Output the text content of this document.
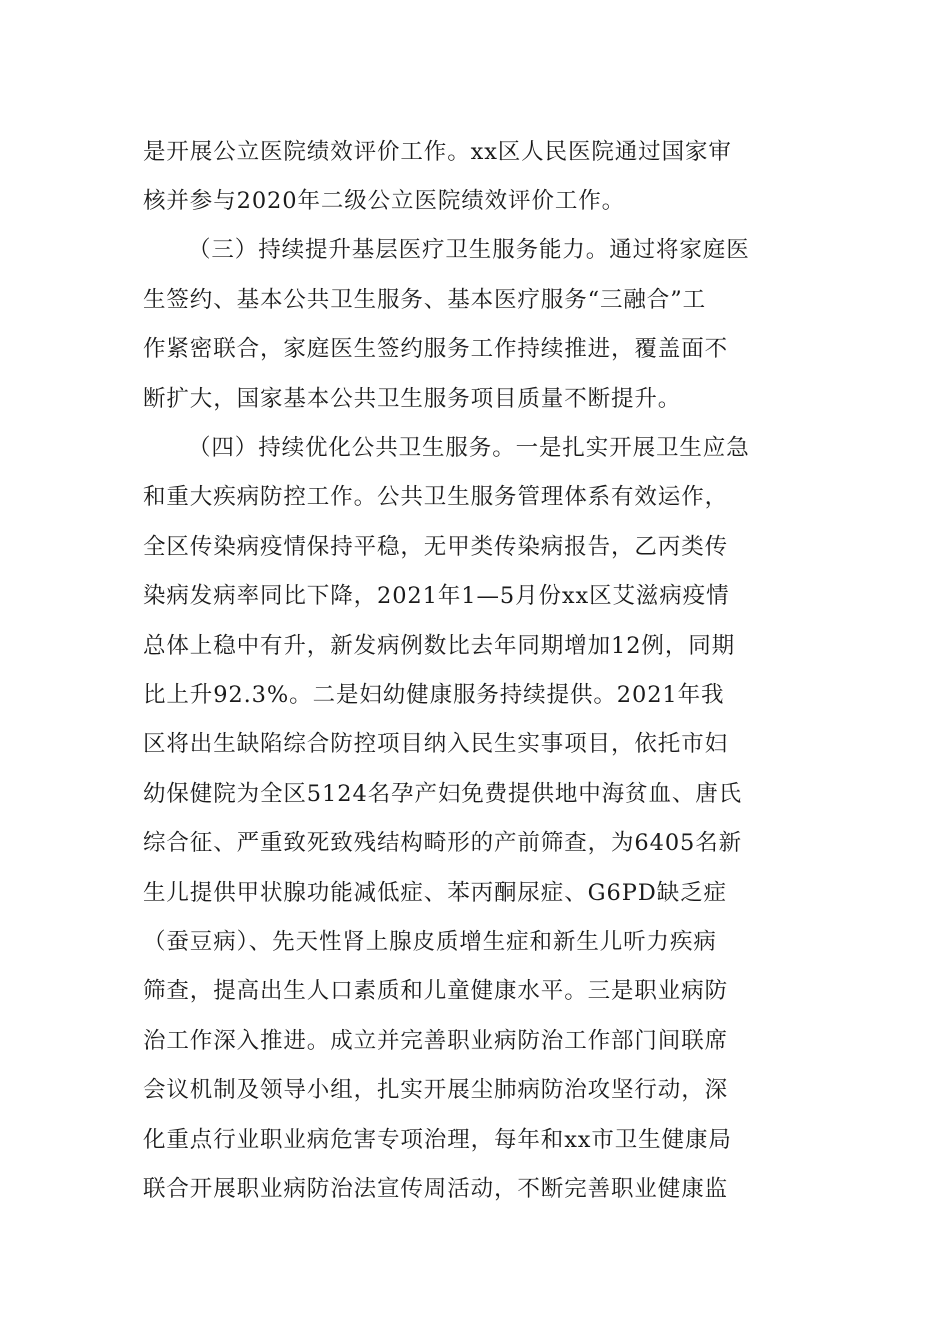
是开展公立医院绩效评价工作。xx区人民医院通过国家审
核并参与2020年二级公立医院绩效评价工作。
（三）持续提升基层医疗卫生服务能力。通过将家庭医
生签约、基本公共卫生服务、基本医疗服务“三融合”工
作紧密联合，家庭医生签约服务工作持续推进，覆盖面不
断扩大，国家基本公共卫生服务项目质量不断提升。
（四）持续优化公共卫生服务。一是扎实开展卫生应急
和重大疾病防控工作。公共卫生服务管理体系有效运作，
全区传染病疫情保持平稳，无甲类传染病报告，乙丙类传
染病发病率同比下降，2021年1—5月份xx区艾滋病疫情
总体上稳中有升，新发病例数比去年同期增加12例，同期
比上升92.3%。二是妇幼健康服务持续提供。2021年我
区将出生缺陷综合防控项目纳入民生实事项目，依托市妇
幼保健院为全区5124名孕产妇免费提供地中海贫血、唐氏
综合征、严重致死致残结构畸形的产前筛查，为6405名新
生儿提供甲状腺功能减低症、苯丙酮尿症、G6PD缺乏症
（蚕豆病）、先天性肾上腺皮质增生症和新生儿听力疾病
筛查，提高出生人口素质和儿童健康水平。三是职业病防
治工作深入推进。成立并完善职业病防治工作部门间联席
会议机制及领导小组，扎实开展尘肺病防治攻坚行动，深
化重点行业职业病危害专项治理，每年和xx市卫生健康局
联合开展职业病防治法宣传周活动，不断完善职业健康监
